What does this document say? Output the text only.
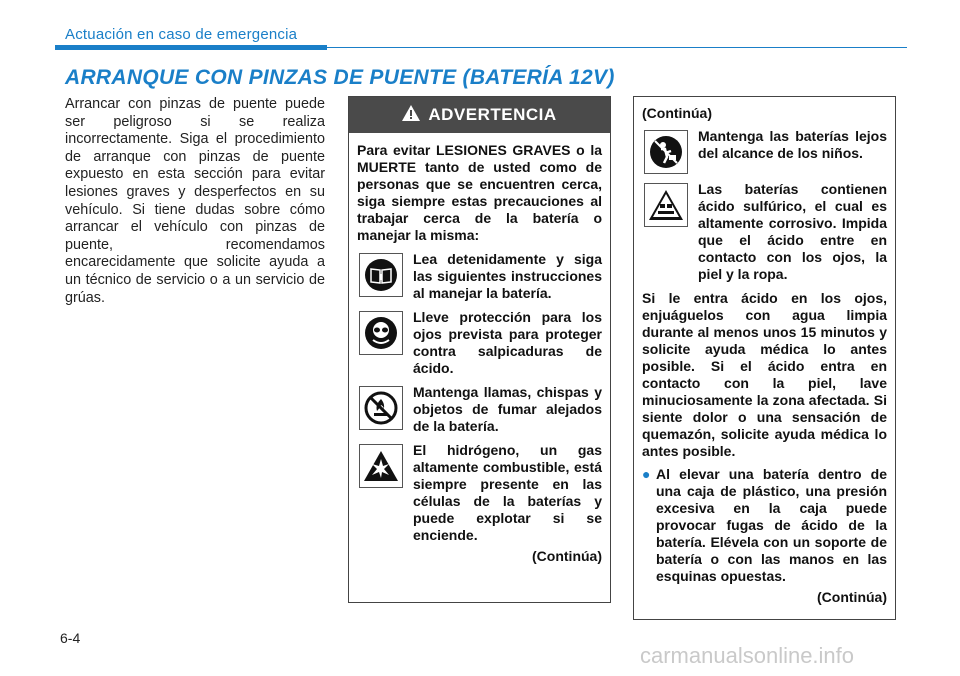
Actuación en caso de emergencia
ARRANQUE CON PINZAS DE PUENTE (BATERÍA 12V)
Arrancar con pinzas de puente puede ser peligroso si se realiza incorrectamente. Siga el procedimiento de arranque con pinzas de puente expuesto en esta sección para evitar lesiones graves y desperfectos en su vehículo. Si tiene dudas sobre cómo arrancar el vehículo con pinzas de puente, recomendamos encarecidamente que solicite ayuda a un técnico de servicio o a un servicio de grúas.
ADVERTENCIA
Para evitar LESIONES GRAVES o la MUERTE tanto de usted como de personas que se encuentren cerca, siga siempre estas precauciones al trabajar cerca de la batería o manejar la misma:
Lea detenidamente y siga las siguientes instrucciones al manejar la batería.
Lleve protección para los ojos prevista para proteger contra salpicaduras de ácido.
Mantenga llamas, chispas y objetos de fumar alejados de la batería.
El hidrógeno, un gas altamente combustible, está siempre presente en las células de la baterías y puede explotar si se enciende.
(Continúa)
(Continúa)
Mantenga las baterías lejos del alcance de los niños.
Las baterías contienen ácido sulfúrico, el cual es altamente corrosivo. Impida que el ácido entre en contacto con los ojos, la piel y la ropa.
Si le entra ácido en los ojos, enjuáguelos con agua limpia durante al menos unos 15 minutos y solicite ayuda médica lo antes posible. Si el ácido entra en contacto con la piel, lave minuciosamente la zona afectada. Si siente dolor o una sensación de quemazón, solicite ayuda médica lo antes posible.
● Al elevar una batería dentro de una caja de plástico, una presión excesiva en la caja puede provocar fugas de ácido de la batería. Elévela con un soporte de batería o con las manos en las esquinas opuestas.
(Continúa)
6-4
carmanualsonline.info
